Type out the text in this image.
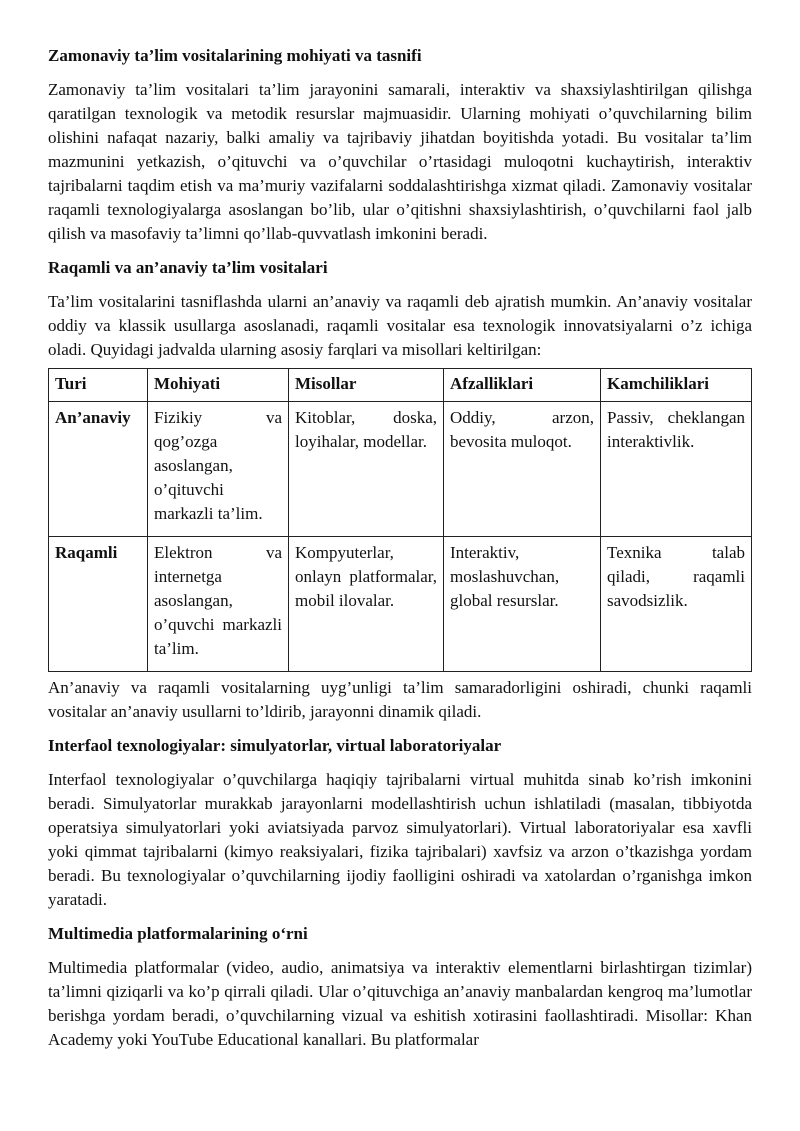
Zamonaviy ta’lim vositalarining mohiyati va tasnifi

Zamonaviy ta’lim vositalari ta’lim jarayonini samarali, interaktiv va shaxsiylashtirilgan qilishga qaratilgan texnologik va metodik resurslar majmuasidir. Ularning mohiyati o’quvchilarning bilim olishini nafaqat nazariy, balki amaliy va tajribaviy jihatdan boyitishda yotadi. Bu vositalar ta’lim mazmunini yetkazish, o’qituvchi va o’quvchilar o’rtasidagi muloqotni kuchaytirish, interaktiv tajribalarni taqdim etish va ma’muriy vazifalarni soddalashtirishga xizmat qiladi. Zamonaviy vositalar raqamli texnologiyalarga asoslangan bo’lib, ular o’qitishni shaxsiylashtirish, o’quvchilarni faol jalb qilish va masofaviy ta’limni qo’llab-quvvatlash imkonini beradi.

Raqamli va an’anaviy ta’lim vositalari

Ta’lim vositalarini tasniflashda ularni an’anaviy va raqamli deb ajratish mumkin. An’anaviy vositalar oddiy va klassik usullarga asoslanadi, raqamli vositalar esa texnologik innovatsiyalarni o’z ichiga oladi. Quyidagi jadvalda ularning asosiy farqlari va misollari keltirilgan:

Turi	Mohiyati	Misollar	Afzalliklari	Kamchiliklari
An’anaviy	Fizikiy va qog’ozga asoslangan, o’qituvchi markazli ta’lim.	Kitoblar, doska, loyihalar, modellar.	Oddiy, arzon, bevosita muloqot.	Passiv, cheklangan interaktivlik.
Raqamli	Elektron va internetga asoslangan, o’quvchi markazli ta’lim.	Kompyuterlar, onlayn platformalar, mobil ilovalar.	Interaktiv, moslashuvchan, global resurslar.	Texnika talab qiladi, raqamli savodsizlik.

An’anaviy va raqamli vositalarning uyg’unligi ta’lim samaradorligini oshiradi, chunki raqamli vositalar an’anaviy usullarni to’ldirib, jarayonni dinamik qiladi.

Interfaol texnologiyalar: simulyatorlar, virtual laboratoriyalar

Interfaol texnologiyalar o’quvchilarga haqiqiy tajribalarni virtual muhitda sinab ko’rish imkonini beradi. Simulyatorlar murakkab jarayonlarni modellashtirish uchun ishlatiladi (masalan, tibbiyotda operatsiya simulyatorlari yoki aviatsiyada parvoz simulyatorlari). Virtual laboratoriyalar esa xavfli yoki qimmat tajribalarni (kimyo reaksiyalari, fizika tajribalari) xavfsiz va arzon o’tkazishga yordam beradi. Bu texnologiyalar o’quvchilarning ijodiy faolligini oshiradi va xatolardan o’rganishga imkon yaratadi.

Multimedia platformalarining o‘rni

Multimedia platformalar (video, audio, animatsiya va interaktiv elementlarni birlashtirgan tizimlar) ta’limni qiziqarli va ko’p qirrali qiladi. Ular o’qituvchiga an’anaviy manbalardan kengroq ma’lumotlar berishga yordam beradi, o’quvchilarning vizual va eshitish xotirasini faollashtiradi. Misollar: Khan Academy yoki YouTube Educational kanallari. Bu platformalar
